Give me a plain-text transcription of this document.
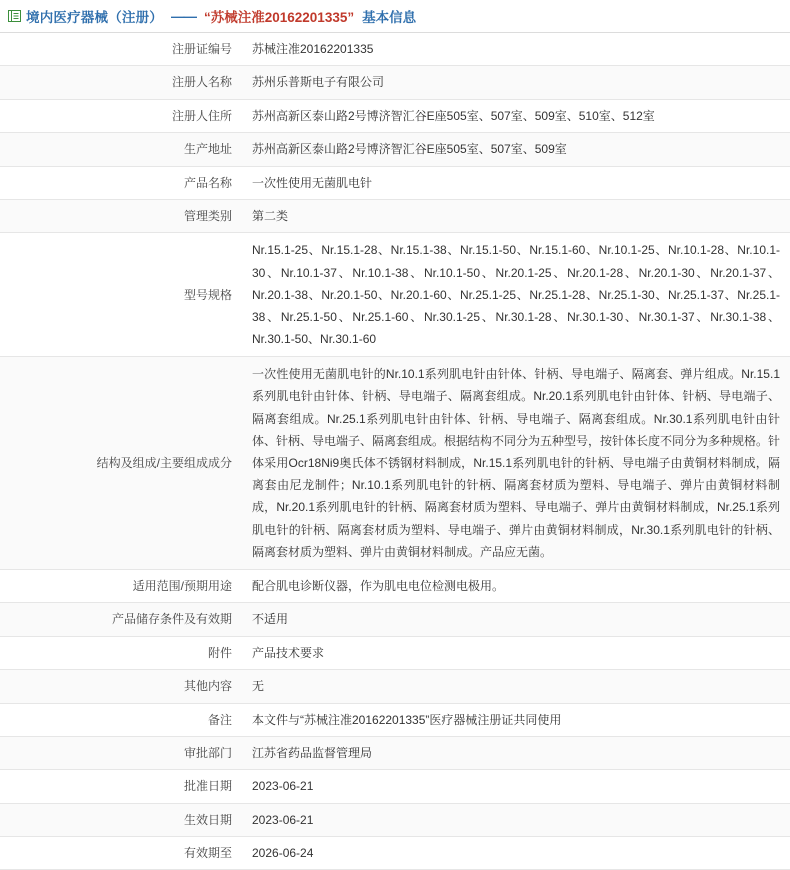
境内医疗器械（注册） —— “苏械注准20162201335” 基本信息
注册证编号	苏械注准20162201335
注册人名称	苏州乐普斯电子有限公司
注册人住所	苏州高新区泰山路2号博济智汇谷E座505室、507室、509室、510室、512室
生产地址	苏州高新区泰山路2号博济智汇谷E座505室、507室、509室
产品名称	一次性使用无菌肌电针
管理类别	第二类
型号规格	Nr.15.1-25、Nr.15.1-28、Nr.15.1-38、Nr.15.1-50、Nr.15.1-60、Nr.10.1-25、Nr.10.1-28、Nr.10.1-30、Nr.10.1-37、Nr.10.1-38、Nr.10.1-50、Nr.20.1-25、Nr.20.1-28、Nr.20.1-30、Nr.20.1-37、Nr.20.1-38、Nr.20.1-50、Nr.20.1-60、Nr.25.1-25、Nr.25.1-28、Nr.25.1-30、Nr.25.1-37、Nr.25.1-38、Nr.25.1-50、Nr.25.1-60、Nr.30.1-25、Nr.30.1-28、Nr.30.1-30、Nr.30.1-37、Nr.30.1-38、Nr.30.1-50、Nr.30.1-60
结构及组成/主要组成成分	一次性使用无菌肌电针的Nr.10.1系列肌电针由针体、针柄、导电端子、隔离套、弹片组成。Nr.15.1系列肌电针由针体、针柄、导电端子、隔离套组成。Nr.20.1系列肌电针由针体、针柄、导电端子、隔离套组成。Nr.25.1系列肌电针由针体、针柄、导电端子、隔离套组成。Nr.30.1系列肌电针由针体、针柄、导电端子、隔离套组成。根据结构不同分为五种型号，按针体长度不同分为多种规格。针体采用Ocr18Ni9奥氏体不锈钢材料制成，Nr.15.1系列肌电针的针柄、导电端子由黄铜材料制成，隔离套由尼龙制件；Nr.10.1系列肌电针的针柄、隔离套材质为塑料、导电端子、弹片由黄铜材料制成，Nr.20.1系列肌电针的针柄、隔离套材质为塑料、导电端子、弹片由黄铜材料制成，Nr.25.1系列肌电针的针柄、隔离套材质为塑料、导电端子、弹片由黄铜材料制成，Nr.30.1系列肌电针的针柄、隔离套材质为塑料、弹片由黄铜材料制成。产品应无菌。
适用范围/预期用途	配合肌电诊断仪器，作为肌电电位检测电极用。
产品储存条件及有效期	不适用
附件	产品技术要求
其他内容	无
备注	本文件与“苏械注准20162201335”医疗器械注册证共同使用
审批部门	江苏省药品监督管理局
批准日期	2023-06-21
生效日期	2023-06-21
有效期至	2026-06-24
